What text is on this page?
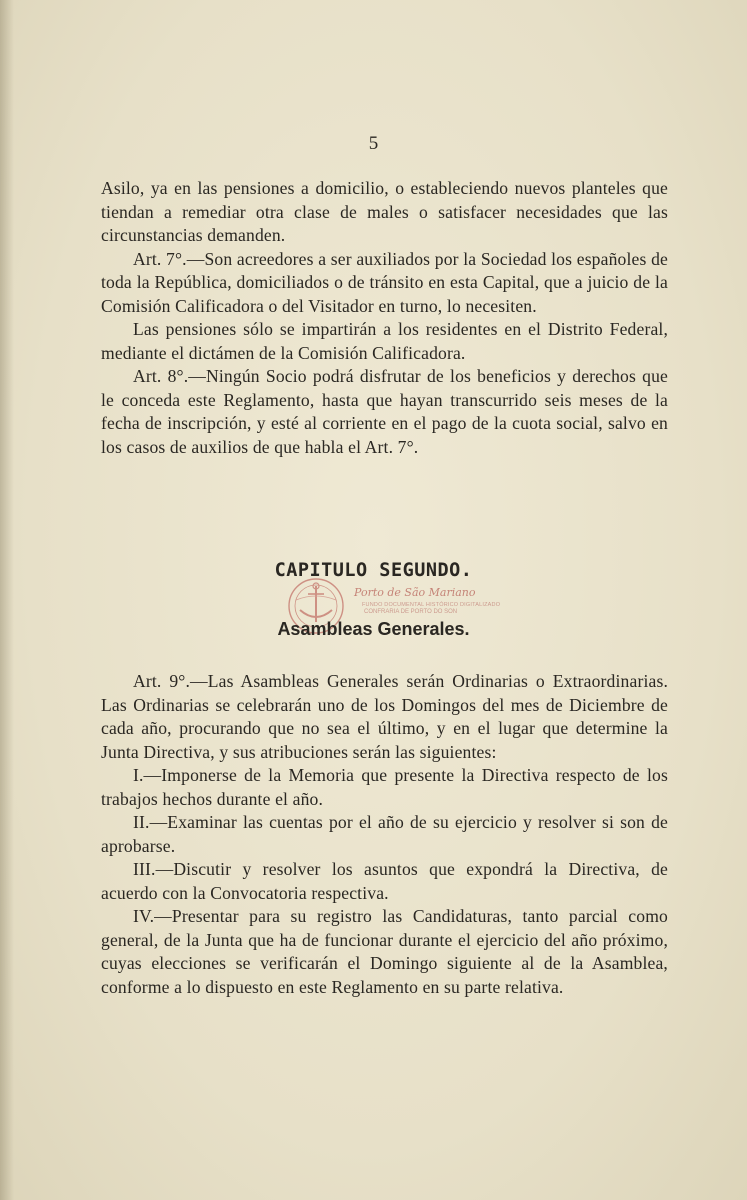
5

Asilo, ya en las pensiones a domicilio, o estableciendo nuevos planteles que tiendan a remediar otra clase de males o satisfacer necesidades que las circunstancias demanden.

Art. 7°.—Son acreedores a ser auxiliados por la Sociedad los españoles de toda la República, domiciliados o de tránsito en esta Capital, que a juicio de la Comisión Calificadora o del Visitador en turno, lo necesiten.

Las pensiones sólo se impartirán a los residentes en el Distrito Federal, mediante el dictámen de la Comisión Calificadora.

Art. 8°.—Ningún Socio podrá disfrutar de los beneficios y derechos que le conceda este Reglamento, hasta que hayan transcurrido seis meses de la fecha de inscripción, y esté al corriente en el pago de la cuota social, salvo en los casos de auxilios de que habla el Art. 7°.

CAPITULO SEGUNDO.
Porto de São Mariano
FUNDO DOCUMENTAL HISTÓRICO DIGITALIZADO
CONFRARIA DE PORTO DO SON
Asambleas Generales.

Art. 9°.—Las Asambleas Generales serán Ordinarias o Extraordinarias. Las Ordinarias se celebrarán uno de los Domingos del mes de Diciembre de cada año, procurando que no sea el último, y en el lugar que determine la Junta Directiva, y sus atribuciones serán las siguientes:

I.—Imponerse de la Memoria que presente la Directiva respecto de los trabajos hechos durante el año.

II.—Examinar las cuentas por el año de su ejercicio y resolver si son de aprobarse.

III.—Discutir y resolver los asuntos que expondrá la Directiva, de acuerdo con la Convocatoria respectiva.

IV.—Presentar para su registro las Candidaturas, tanto parcial como general, de la Junta que ha de funcionar durante el ejercicio del año próximo, cuyas elecciones se verificarán el Domingo siguiente al de la Asamblea, conforme a lo dispuesto en este Reglamento en su parte relativa.
